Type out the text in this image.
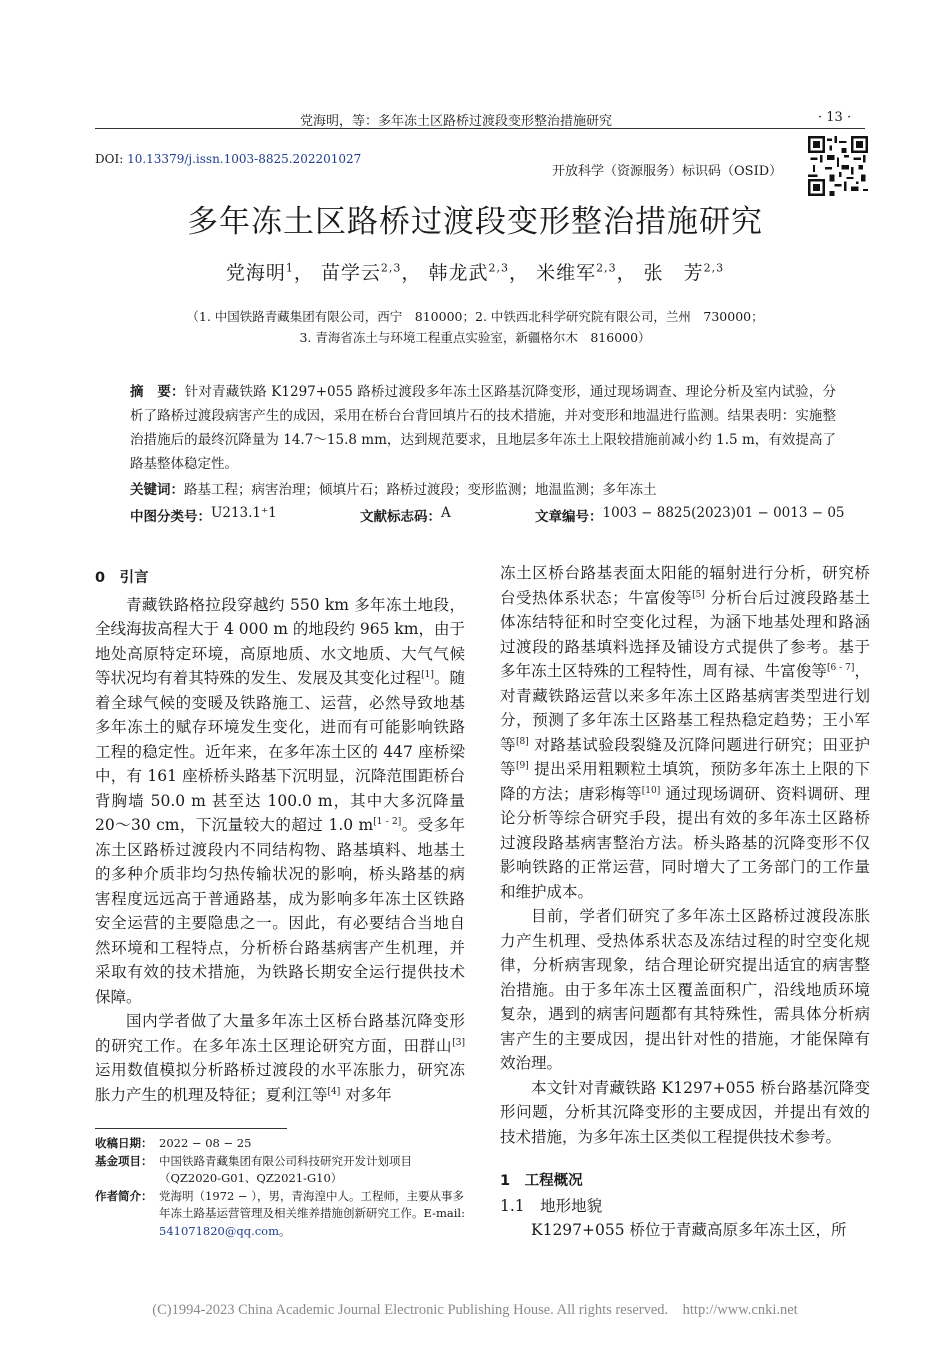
党海明，等：多年冻土区路桥过渡段变形整治措施研究	· 13 ·
DOI: 10.13379/j.issn.1003-8825.202201027
开放科学（资源服务）标识码（OSID）
多年冻土区路桥过渡段变形整治措施研究
党海明$^1$， 苗学云$^{2,3}$， 韩龙武$^{2,3}$， 米维军$^{2,3}$， 张　芳$^{2,3}$
（1. 中国铁路青藏集团有限公司，西宁　810000；2. 中铁西北科学研究院有限公司，兰州　730000；
3. 青海省冻土与环境工程重点实验室，新疆格尔木　816000）
摘　要：针对青藏铁路 K1297+055 路桥过渡段多年冻土区路基沉降变形，通过现场调查、理论分析及室内试验，分析了路桥过渡段病害产生的成因，采用在桥台台背回填片石的技术措施，并对变形和地温进行监测。结果表明：实施整治措施后的最终沉降量为 14.7～15.8 mm，达到规范要求，且地层多年冻土上限较措施前减小约 1.5 m，有效提高了路基整体稳定性。
关键词：路基工程；病害治理；倾填片石；路桥过渡段；变形监测；地温监测；多年冻土
中图分类号： U213.1⁺1	文献标志码： A	文章编号： 1003 − 8825(2023)01 − 0013 − 05
0　引言

青藏铁路格拉段穿越约 550 km 多年冻土地段，全线海拔高程大于 4 000 m 的地段约 965 km，由于地处高原特定环境，高原地质、水文地质、大气气候等状况均有着其特殊的发生、发展及其变化过程[1]。随着全球气候的变暖及铁路施工、运营，必然导致地基多年冻土的赋存环境发生变化，进而有可能影响铁路工程的稳定性。近年来，在多年冻土区的 447 座桥梁中，有 161 座桥桥头路基下沉明显，沉降范围距桥台背胸墙 50.0 m 甚至达 100.0 m，其中大多沉降量 20～30 cm，下沉量较大的超过 1.0 m[1 - 2]。受多年冻土区路桥过渡段内不同结构物、路基填料、地基土的多种介质非均匀热传输状况的影响，桥头路基的病害程度远远高于普通路基，成为影响多年冻土区铁路安全运营的主要隐患之一。因此，有必要结合当地自然环境和工程特点，分析桥台路基病害产生机理，并采取有效的技术措施，为铁路长期安全运行提供技术保障。

国内学者做了大量多年冻土区桥台路基沉降变形的研究工作。在多年冻土区理论研究方面，田群山[3] 运用数值模拟分析路桥过渡段的水平冻胀力，研究冻胀力产生的机理及特征；夏利江等[4] 对多年

收稿日期： 2022 − 08 − 25
基金项目： 中国铁路青藏集团有限公司科技研究开发计划项目（QZ2020-G01、QZ2021-G10）
作者简介： 党海明（1972 − ），男，青海湟中人。工程师，主要从事多年冻土路基运营管理及相关维养措施创新研究工作。E-mail: 541071820@qq.com。

冻土区桥台路基表面太阳能的辐射进行分析，研究桥台受热体系状态；牛富俊等[5] 分析台后过渡段路基土体冻结特征和时空变化过程，为涵下地基处理和路涵过渡段的路基填料选择及铺设方式提供了参考。基于多年冻土区特殊的工程特性，周有禄、牛富俊等[6 - 7]，对青藏铁路运营以来多年冻土区路基病害类型进行划分，预测了多年冻土区路基工程热稳定趋势；王小军等[8] 对路基试验段裂缝及沉降问题进行研究；田亚护等[9] 提出采用粗颗粒土填筑，预防多年冻土上限的下降的方法；唐彩梅等[10] 通过现场调研、资料调研、理论分析等综合研究手段，提出有效的多年冻土区路桥过渡段路基病害整治方法。桥头路基的沉降变形不仅影响铁路的正常运营，同时增大了工务部门的工作量和维护成本。

目前，学者们研究了多年冻土区路桥过渡段冻胀力产生机理、受热体系状态及冻结过程的时空变化规律，分析病害现象，结合理论研究提出适宜的病害整治措施。由于多年冻土区覆盖面积广，沿线地质环境复杂，遇到的病害问题都有其特殊性，需具体分析病害产生的主要成因，提出针对性的措施，才能保障有效治理。

本文针对青藏铁路 K1297+055 桥台路基沉降变形问题，分析其沉降变形的主要成因，并提出有效的技术措施，为多年冻土区类似工程提供技术参考。

1　工程概况
1.1　地形地貌

K1297+055 桥位于青藏高原多年冻土区，所

(C)1994-2023 China Academic Journal Electronic Publishing House. All rights reserved.　http://www.cnki.net
